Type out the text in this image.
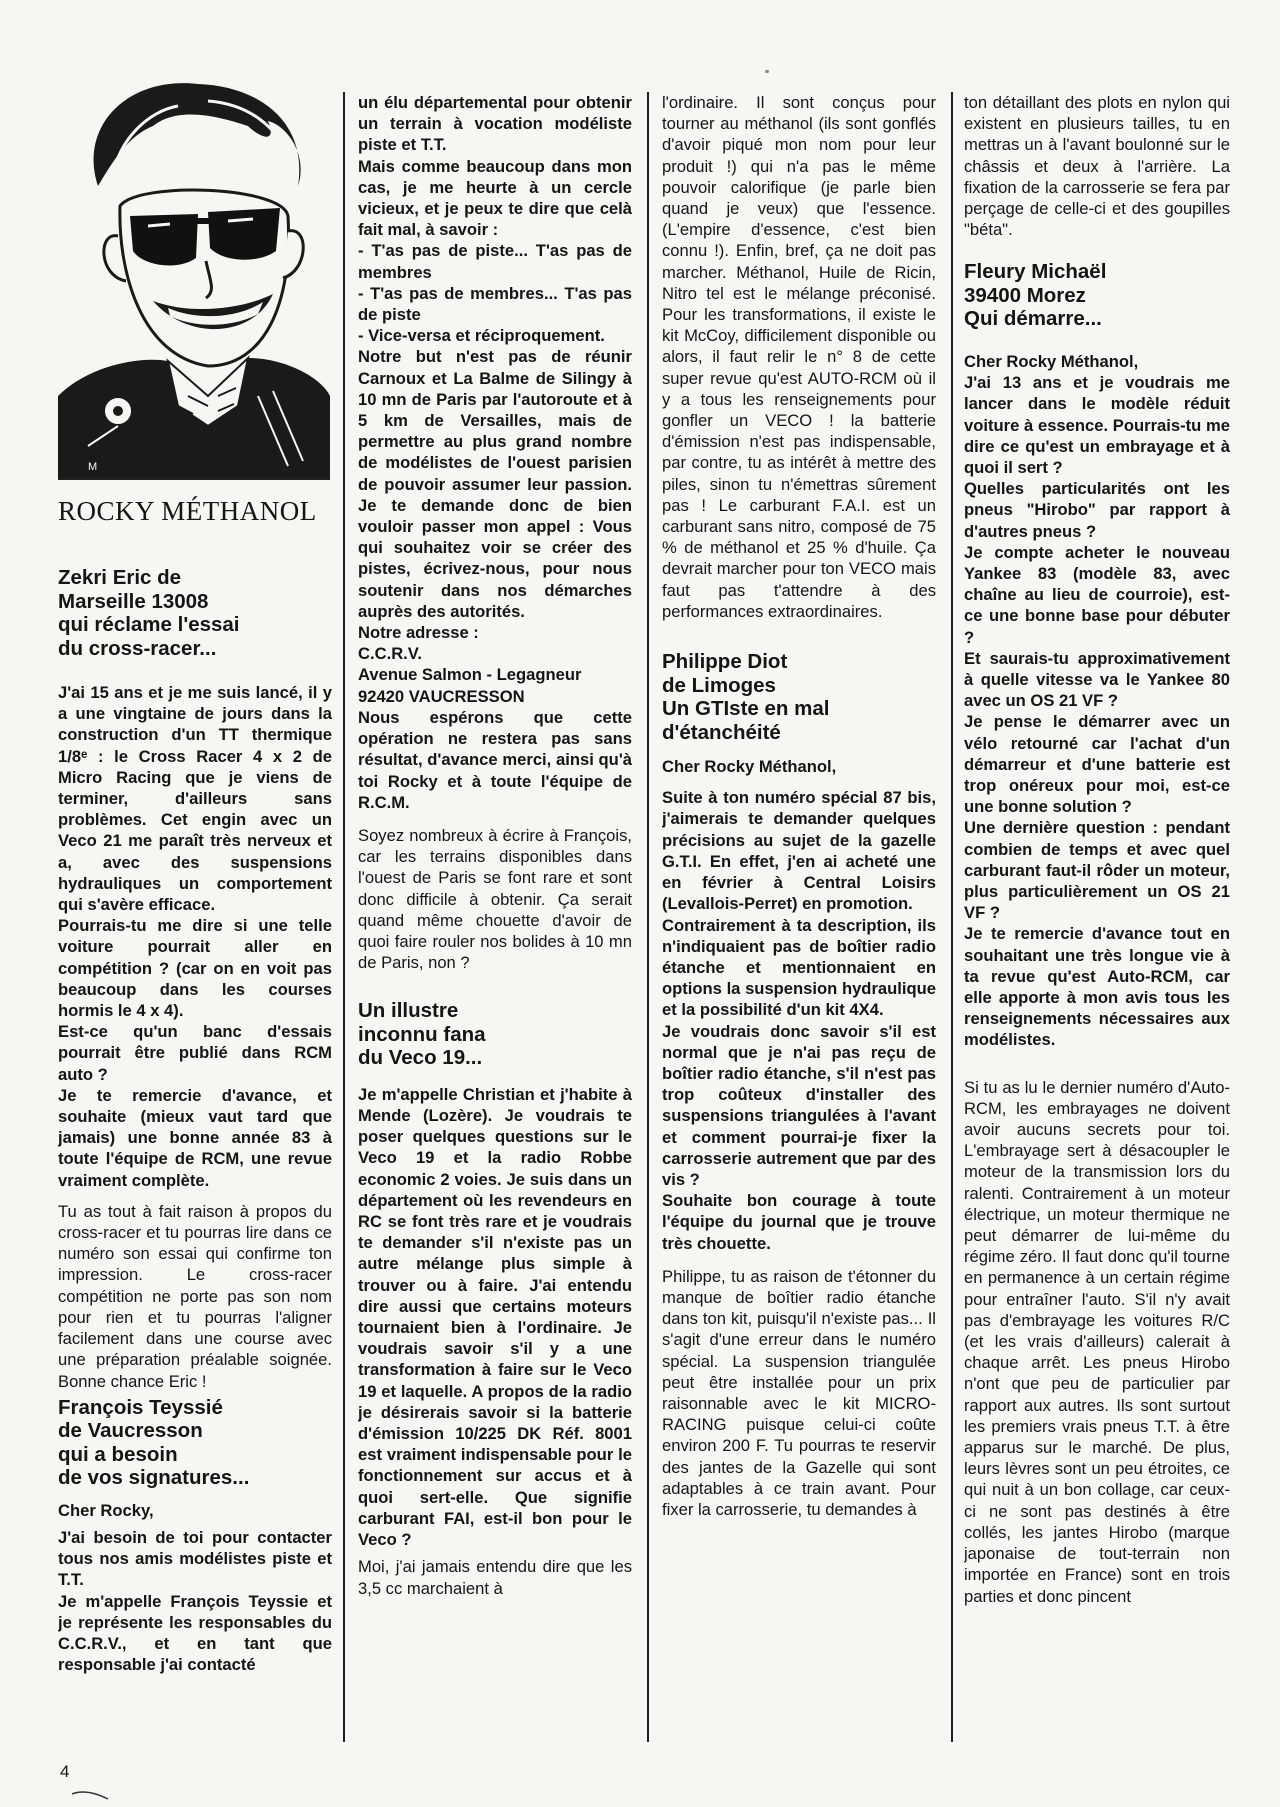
M
ROCKY MÉTHANOL
Zekri Eric de
Marseille 13008
qui réclame l'essai
du cross-racer...

J'ai 15 ans et je me suis lancé, il y a une vingtaine de jours dans la construction d'un TT thermique 1/8ᵉ : le Cross Racer 4 x 2 de Micro Racing que je viens de terminer, d'ailleurs sans problèmes. Cet engin avec un Veco 21 me paraît très nerveux et a, avec des suspensions hydrauliques un comportement qui s'avère efficace.
Pourrais-tu me dire si une telle voiture pourrait aller en compétition ? (car on en voit pas beaucoup dans les courses hormis le 4 x 4).
Est-ce qu'un banc d'essais pourrait être publié dans RCM auto ?
Je te remercie d'avance, et souhaite (mieux vaut tard que jamais) une bonne année 83 à toute l'équipe de RCM, une revue vraiment complète.

Tu as tout à fait raison à propos du cross-racer et tu pourras lire dans ce numéro son essai qui confirme ton impression. Le cross-racer compétition ne porte pas son nom pour rien et tu pourras l'aligner facilement dans une course avec une préparation préalable soignée. Bonne chance Eric !

François Teyssié
de Vaucresson
qui a besoin
de vos signatures...

Cher Rocky,

J'ai besoin de toi pour contacter tous nos amis modélistes piste et T.T.
Je m'appelle François Teyssie et je représente les responsables du C.C.R.V., et en tant que responsable j'ai contacté

un élu départemental pour obtenir un terrain à vocation modéliste piste et T.T.
Mais comme beaucoup dans mon cas, je me heurte à un cercle vicieux, et je peux te dire que celà fait mal, à savoir :
- T'as pas de piste... T'as pas de membres
- T'as pas de membres... T'as pas de piste
- Vice-versa et réciproquement.
Notre but n'est pas de réunir Carnoux et La Balme de Silingy à 10 mn de Paris par l'autoroute et à 5 km de Versailles, mais de permettre au plus grand nombre de modélistes de l'ouest parisien de pouvoir assumer leur passion. Je te demande donc de bien vouloir passer mon appel : Vous qui souhaitez voir se créer des pistes, écrivez-nous, pour nous soutenir dans nos démarches auprès des autorités.
Notre adresse :
C.C.R.V.
Avenue Salmon - Legagneur
92420 VAUCRESSON
Nous espérons que cette opération ne restera pas sans résultat, d'avance merci, ainsi qu'à toi Rocky et à toute l'équipe de R.C.M.

Soyez nombreux à écrire à François, car les terrains disponibles dans l'ouest de Paris se font rare et sont donc difficile à obtenir. Ça serait quand même chouette d'avoir de quoi faire rouler nos bolides à 10 mn de Paris, non ?

Un illustre
inconnu fana
du Veco 19...

Je m'appelle Christian et j'habite à Mende (Lozère). Je voudrais te poser quelques questions sur le Veco 19 et la radio Robbe economic 2 voies. Je suis dans un département où les revendeurs en RC se font très rare et je voudrais te demander s'il n'existe pas un autre mélange plus simple à trouver ou à faire. J'ai entendu dire aussi que certains moteurs tournaient bien à l'ordinaire. Je voudrais savoir s'il y a une transformation à faire sur le Veco 19 et laquelle. A propos de la radio je désirerais savoir si la batterie d'émission 10/225 DK Réf. 8001 est vraiment indispensable pour le fonctionnement sur accus et à quoi sert-elle. Que signifie carburant FAI, est-il bon pour le Veco ?

Moi, j'ai jamais entendu dire que les 3,5 cc marchaient à

l'ordinaire. Il sont conçus pour tourner au méthanol (ils sont gonflés d'avoir piqué mon nom pour leur produit !) qui n'a pas le même pouvoir calorifique (je parle bien quand je veux) que l'essence. (L'empire d'essence, c'est bien connu !). Enfin, bref, ça ne doit pas marcher. Méthanol, Huile de Ricin, Nitro tel est le mélange préconisé. Pour les transformations, il existe le kit McCoy, difficilement disponible ou alors, il faut relir le n° 8 de cette super revue qu'est AUTO-RCM où il y a tous les renseignements pour gonfler un VECO ! la batterie d'émission n'est pas indispensable, par contre, tu as intérêt à mettre des piles, sinon tu n'émettras sûrement pas ! Le carburant F.A.I. est un carburant sans nitro, composé de 75 % de méthanol et 25 % d'huile. Ça devrait marcher pour ton VECO mais faut pas t'attendre à des performances extraordinaires.

Philippe Diot
de Limoges
Un GTIste en mal
d'étanchéité

Cher Rocky Méthanol,

Suite à ton numéro spécial 87 bis, j'aimerais te demander quelques précisions au sujet de la gazelle G.T.I. En effet, j'en ai acheté une en février à Central Loisirs (Levallois-Perret) en promotion.
Contrairement à ta description, ils n'indiquaient pas de boîtier radio étanche et mentionnaient en options la suspension hydraulique et la possibilité d'un kit 4X4.
Je voudrais donc savoir s'il est normal que je n'ai pas reçu de boîtier radio étanche, s'il n'est pas trop coûteux d'installer des suspensions triangulées à l'avant et comment pourrai-je fixer la carrosserie autrement que par des vis ?
Souhaite bon courage à toute l'équipe du journal que je trouve très chouette.

Philippe, tu as raison de t'étonner du manque de boîtier radio étanche dans ton kit, puisqu'il n'existe pas... Il s'agit d'une erreur dans le numéro spécial. La suspension triangulée peut être installée pour un prix raisonnable avec le kit MICRO-RACING puisque celui-ci coûte environ 200 F. Tu pourras te reservir des jantes de la Gazelle qui sont adaptables à ce train avant. Pour fixer la carrosserie, tu demandes à

ton détaillant des plots en nylon qui existent en plusieurs tailles, tu en mettras un à l'avant boulonné sur le châssis et deux à l'arrière. La fixation de la carrosserie se fera par perçage de celle-ci et des goupilles "béta".

Fleury Michaël
39400 Morez
Qui démarre...

Cher Rocky Méthanol,

J'ai 13 ans et je voudrais me lancer dans le modèle réduit voiture à essence. Pourrais-tu me dire ce qu'est un embrayage et à quoi il sert ?
Quelles particularités ont les pneus "Hirobo" par rapport à d'autres pneus ?
Je compte acheter le nouveau Yankee 83 (modèle 83, avec chaîne au lieu de courroie), est-ce une bonne base pour débuter ?
Et saurais-tu approximativement à quelle vitesse va le Yankee 80 avec un OS 21 VF ?
Je pense le démarrer avec un vélo retourné car l'achat d'un démarreur et d'une batterie est trop onéreux pour moi, est-ce une bonne solution ?
Une dernière question : pendant combien de temps et avec quel carburant faut-il rôder un moteur, plus particulièrement un OS 21 VF ?
Je te remercie d'avance tout en souhaitant une très longue vie à ta revue qu'est Auto-RCM, car elle apporte à mon avis tous les renseignements nécessaires aux modélistes.

Si tu as lu le dernier numéro d'Auto-RCM, les embrayages ne doivent avoir aucuns secrets pour toi. L'embrayage sert à désacoupler le moteur de la transmission lors du ralenti. Contrairement à un moteur électrique, un moteur thermique ne peut démarrer de lui-même du régime zéro. Il faut donc qu'il tourne en permanence à un certain régime pour entraîner l'auto. S'il n'y avait pas d'embrayage les voitures R/C (et les vrais d'ailleurs) calerait à chaque arrêt. Les pneus Hirobo n'ont que peu de particulier par rapport aux autres. Ils sont surtout les premiers vrais pneus T.T. à être apparus sur le marché. De plus, leurs lèvres sont un peu étroites, ce qui nuit à un bon collage, car ceux-ci ne sont pas destinés à être collés, les jantes Hirobo (marque japonaise de tout-terrain non importée en France) sont en trois parties et donc pincent

4
